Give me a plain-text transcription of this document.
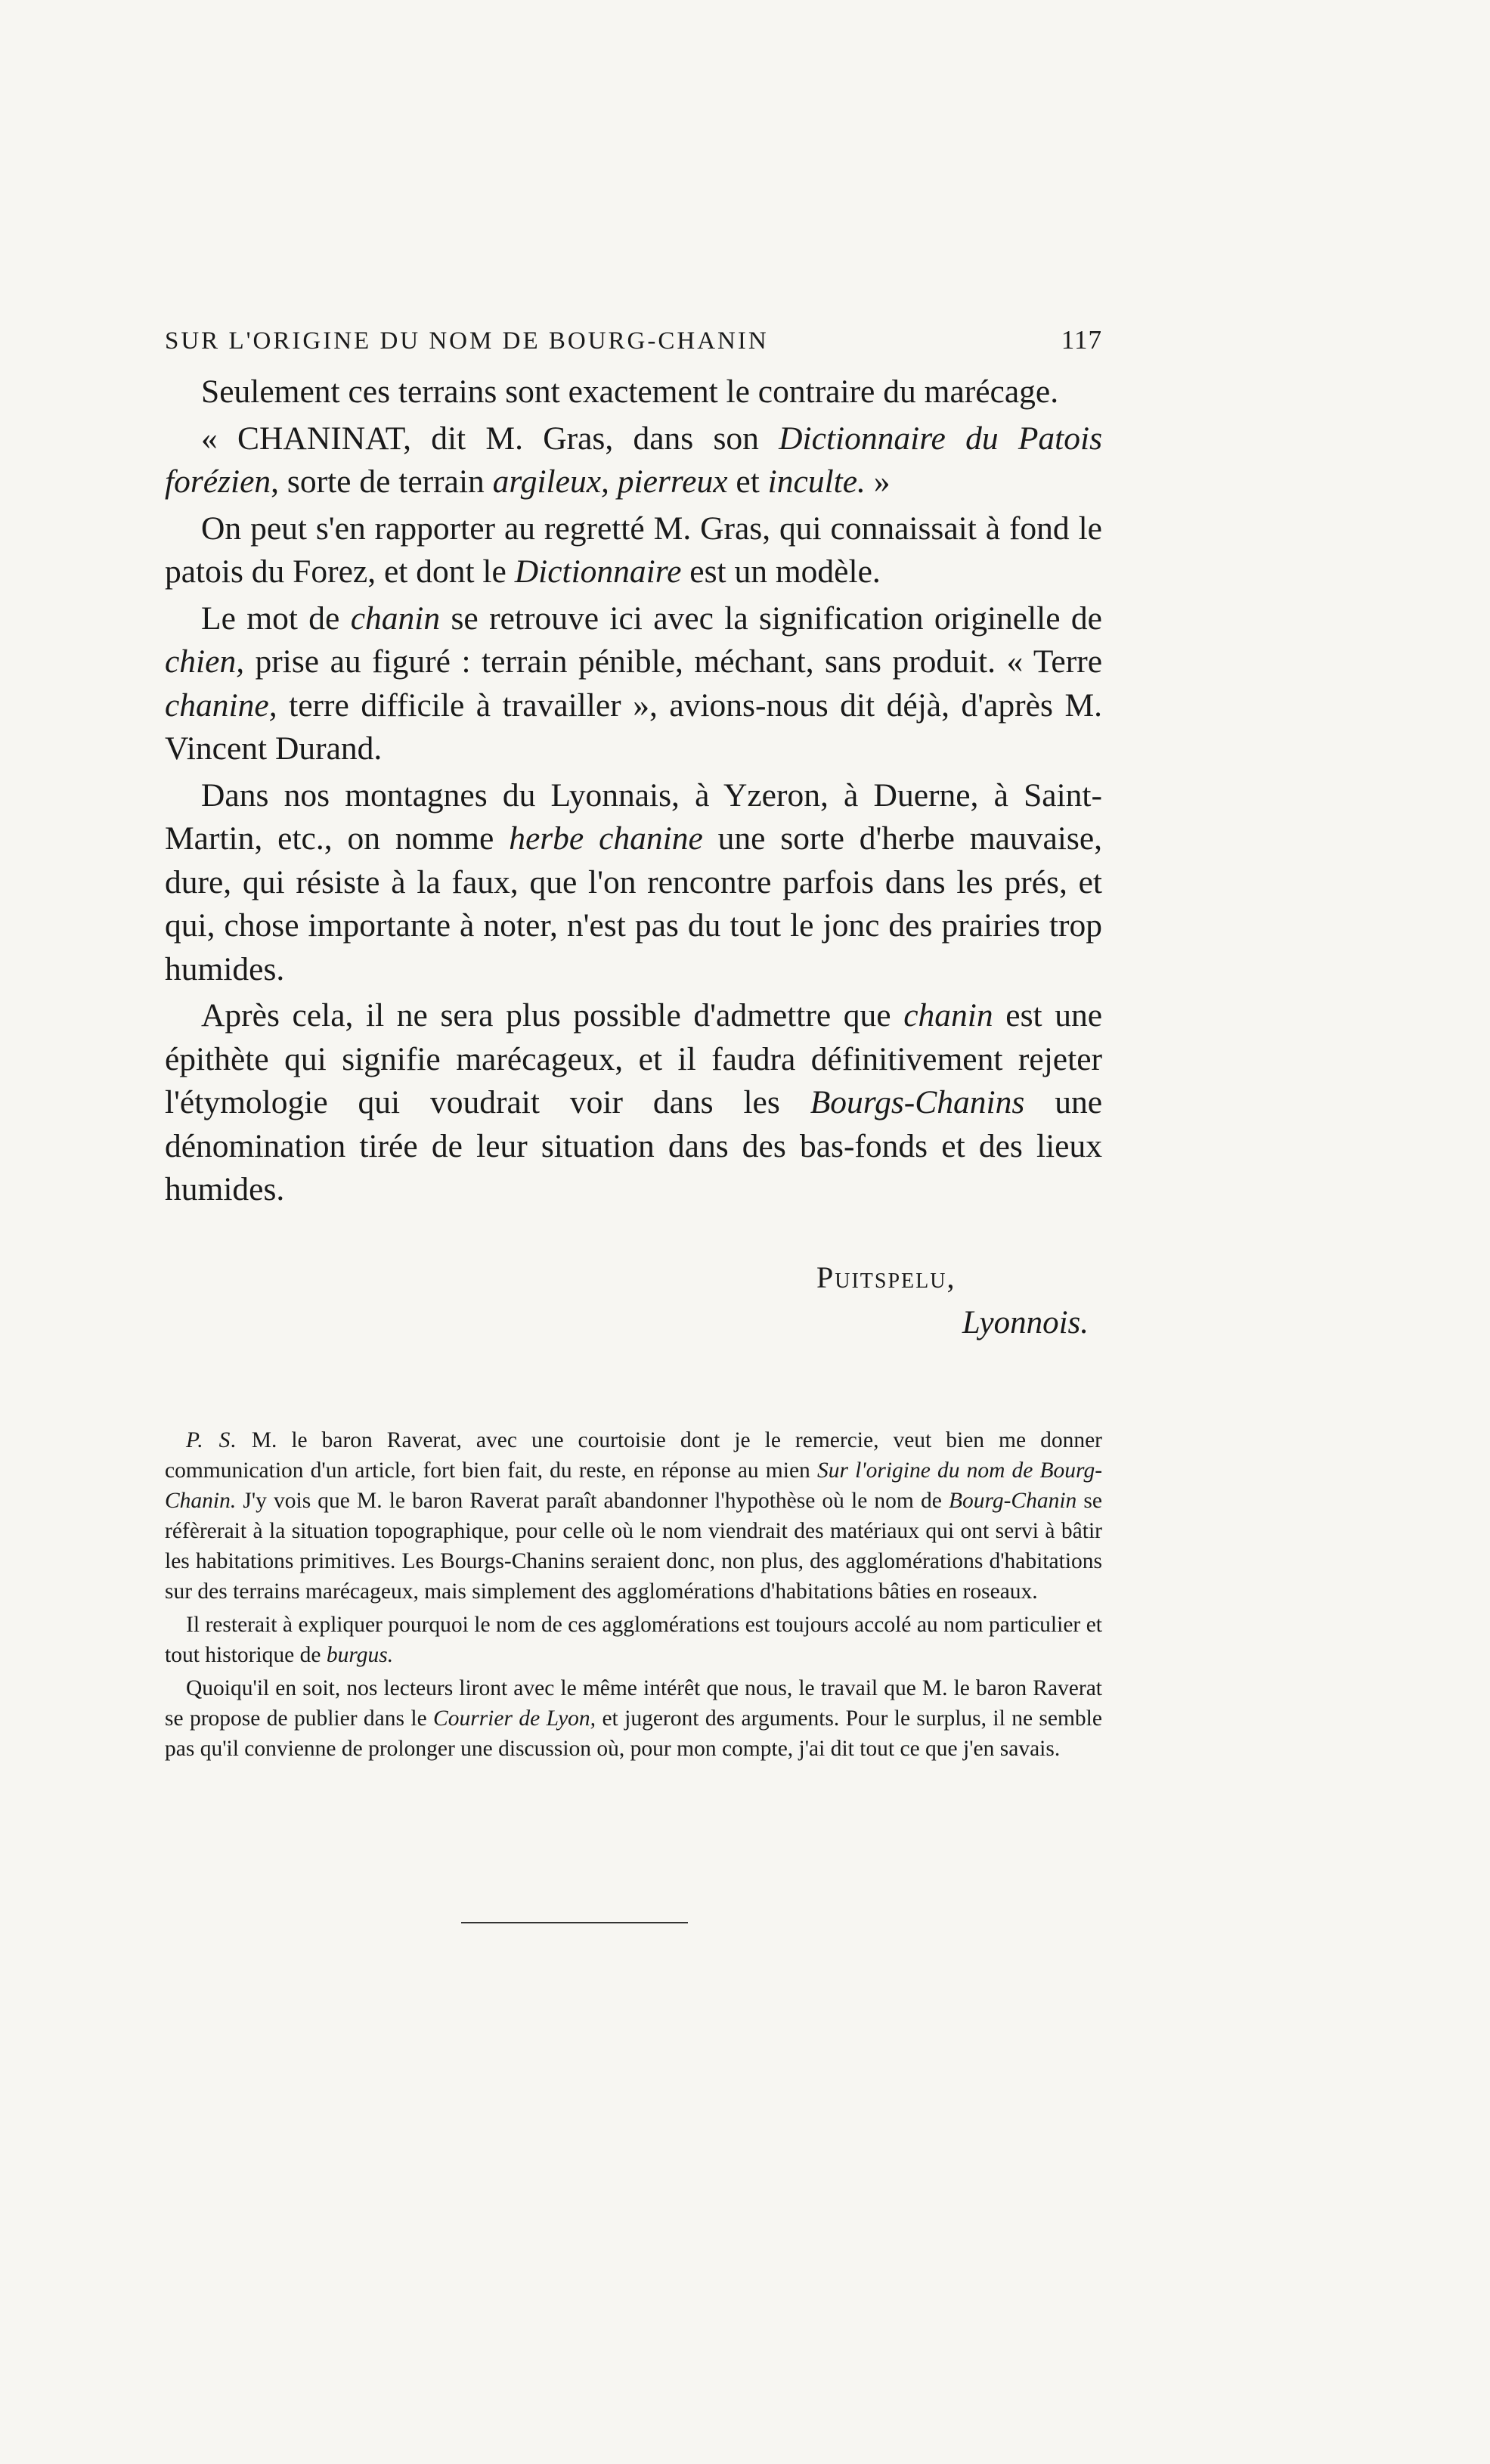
SUR L'ORIGINE DU NOM DE BOURG-CHANIN	117

Seulement ces terrains sont exactement le contraire du marécage.

« CHANINAT, dit M. Gras, dans son Dictionnaire du Patois forézien, sorte de terrain argileux, pierreux et inculte. »

On peut s'en rapporter au regretté M. Gras, qui connaissait à fond le patois du Forez, et dont le Dictionnaire est un modèle.

Le mot de chanin se retrouve ici avec la signification originelle de chien, prise au figuré : terrain pénible, méchant, sans produit. « Terre chanine, terre difficile à travailler », avions-nous dit déjà, d'après M. Vincent Durand.

Dans nos montagnes du Lyonnais, à Yzeron, à Duerne, à Saint-Martin, etc., on nomme herbe chanine une sorte d'herbe mauvaise, dure, qui résiste à la faux, que l'on rencontre parfois dans les prés, et qui, chose importante à noter, n'est pas du tout le jonc des prairies trop humides.

Après cela, il ne sera plus possible d'admettre que chanin est une épithète qui signifie marécageux, et il faudra définitivement rejeter l'étymologie qui voudrait voir dans les Bourgs-Chanins une dénomination tirée de leur situation dans des bas-fonds et des lieux humides.

Puitspelu,
Lyonnois.

P. S. M. le baron Raverat, avec une courtoisie dont je le remercie, veut bien me donner communication d'un article, fort bien fait, du reste, en réponse au mien Sur l'origine du nom de Bourg-Chanin. J'y vois que M. le baron Raverat paraît abandonner l'hypothèse où le nom de Bourg-Chanin se réfèrerait à la situation topographique, pour celle où le nom viendrait des matériaux qui ont servi à bâtir les habitations primitives. Les Bourgs-Chanins seraient donc, non plus, des agglomérations d'habitations sur des terrains marécageux, mais simplement des agglomérations d'habitations bâties en roseaux.

Il resterait à expliquer pourquoi le nom de ces agglomérations est toujours accolé au nom particulier et tout historique de burgus.

Quoiqu'il en soit, nos lecteurs liront avec le même intérêt que nous, le travail que M. le baron Raverat se propose de publier dans le Courrier de Lyon, et jugeront des arguments. Pour le surplus, il ne semble pas qu'il convienne de prolonger une discussion où, pour mon compte, j'ai dit tout ce que j'en savais.
